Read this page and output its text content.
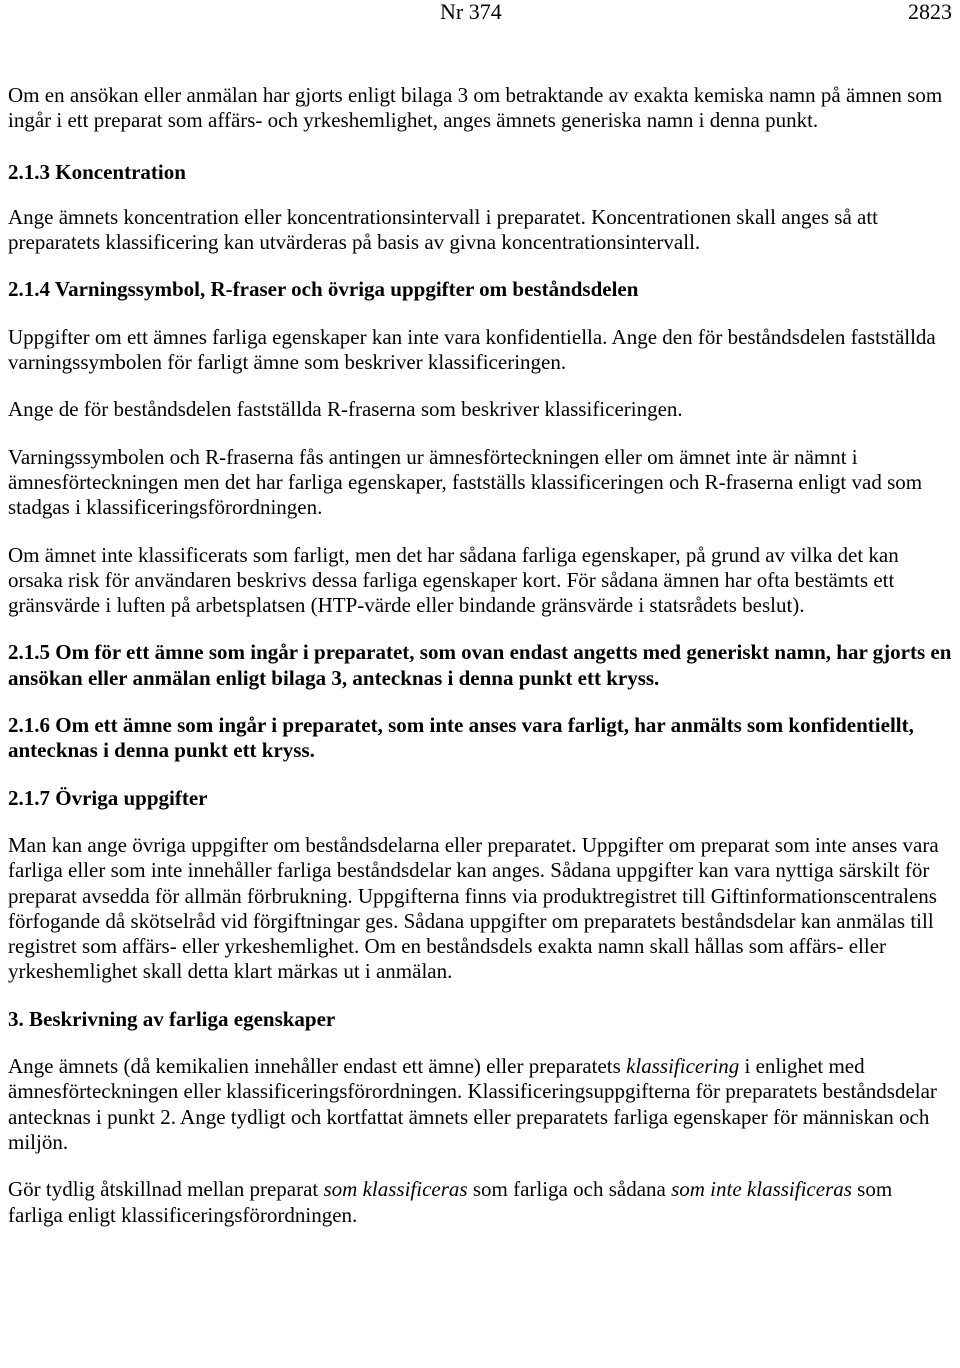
Nr 374	2823

Om en ansökan eller anmälan har gjorts enligt bilaga 3 om betraktande av exakta kemiska namn på ämnen som ingår i ett preparat som affärs- och yrkeshemlighet, anges ämnets generiska namn i denna punkt.

2.1.3 Koncentration

Ange ämnets koncentration eller koncentrationsintervall i preparatet. Koncentrationen skall anges så att preparatets klassificering kan utvärderas på basis av givna koncentrationsintervall.

2.1.4 Varningssymbol, R-fraser och övriga uppgifter om beståndsdelen

Uppgifter om ett ämnes farliga egenskaper kan inte vara konfidentiella. Ange den för beståndsdelen fastställda varningssymbolen för farligt ämne som beskriver klassificeringen.

Ange de för beståndsdelen fastställda R-fraserna som beskriver klassificeringen.

Varningssymbolen och R-fraserna fås antingen ur ämnesförteckningen eller om ämnet inte är nämnt i ämnesförteckningen men det har farliga egenskaper, fastställs klassificeringen och R-fraserna enligt vad som stadgas i klassificeringsförordningen.

Om ämnet inte klassificerats som farligt, men det har sådana farliga egenskaper, på grund av vilka det kan orsaka risk för användaren beskrivs dessa farliga egenskaper kort. För sådana ämnen har ofta bestämts ett gränsvärde i luften på arbetsplatsen (HTP-värde eller bindande gränsvärde i statsrådets beslut).

2.1.5 Om för ett ämne som ingår i preparatet, som ovan endast angetts med generiskt namn, har gjorts en ansökan eller anmälan enligt bilaga 3, antecknas i denna punkt ett kryss.

2.1.6 Om ett ämne som ingår i preparatet, som inte anses vara farligt, har anmälts som konfidentiellt, antecknas i denna punkt ett kryss.

2.1.7 Övriga uppgifter

Man kan ange övriga uppgifter om beståndsdelarna eller preparatet. Uppgifter om preparat som inte anses vara farliga eller som inte innehåller farliga beståndsdelar kan anges. Sådana uppgifter kan vara nyttiga särskilt för preparat avsedda för allmän förbrukning. Uppgifterna finns via produktregistret till Giftinformationscentralens förfogande då skötselråd vid förgiftningar ges. Sådana uppgifter om preparatets beståndsdelar kan anmälas till registret som affärs- eller yrkeshemlighet. Om en beståndsdels exakta namn skall hållas som affärs- eller yrkeshemlighet skall detta klart märkas ut i anmälan.

3. Beskrivning av farliga egenskaper

Ange ämnets (då kemikalien innehåller endast ett ämne) eller preparatets klassificering i enlighet med ämnesförteckningen eller klassificeringsförordningen. Klassificeringsuppgifterna för preparatets beståndsdelar antecknas i punkt 2. Ange tydligt och kortfattat ämnets eller preparatets farliga egenskaper för människan och miljön.

Gör tydlig åtskillnad mellan preparat som klassificeras som farliga och sådana som inte klassificeras som farliga enligt klassificeringsförordningen.
